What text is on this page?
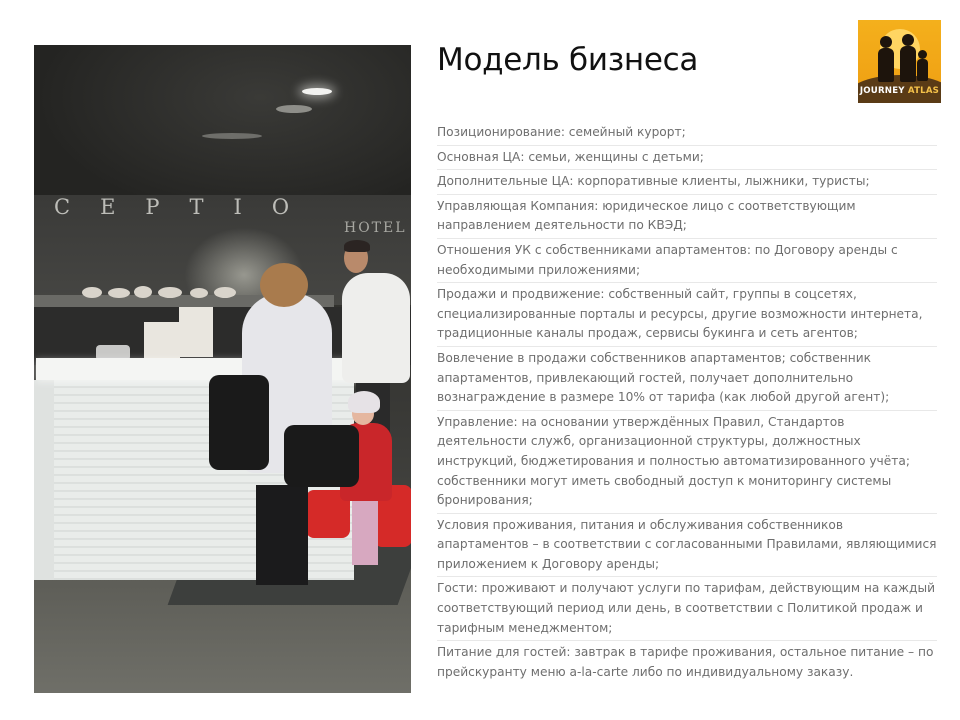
CEPTIO
HOTEL
Модель бизнеса
Позиционирование: семейный курорт;
Основная ЦА: семьи, женщины с детьми;
Дополнительные ЦА: корпоративные клиенты, лыжники, туристы;
Управляющая Компания: юридическое лицо с соответствующим направлением деятельности по КВЭД;
Отношения УК с собственниками апартаментов: по Договору аренды с необходимыми приложениями;
Продажи и продвижение: собственный сайт, группы в соцсетях, специализированные порталы и ресурсы, другие возможности интернета, традиционные каналы продаж, сервисы букинга и сеть агентов;
Вовлечение в продажи собственников апартаментов; собственник апартаментов, привлекающий гостей, получает дополнительно вознаграждение в размере 10% от тарифа (как любой другой агент);
Управление: на основании утверждённых Правил, Стандартов деятельности служб, организационной структуры, должностных инструкций, бюджетирования и полностью автоматизированного учёта; собственники могут иметь свободный доступ к мониторингу системы бронирования;
Условия проживания, питания и обслуживания собственников апартаментов – в соответствии с согласованными Правилами, являющимися приложением к Договору аренды;
Гости: проживают и получают услуги по тарифам, действующим на каждый соответствующий период или день, в соответствии с Политикой продаж и тарифным менеджментом;
Питание для гостей: завтрак в тарифе проживания, остальное питание – по прейскуранту меню a-la-carte либо по индивидуальному заказу.
JOURNEY ATLAS
